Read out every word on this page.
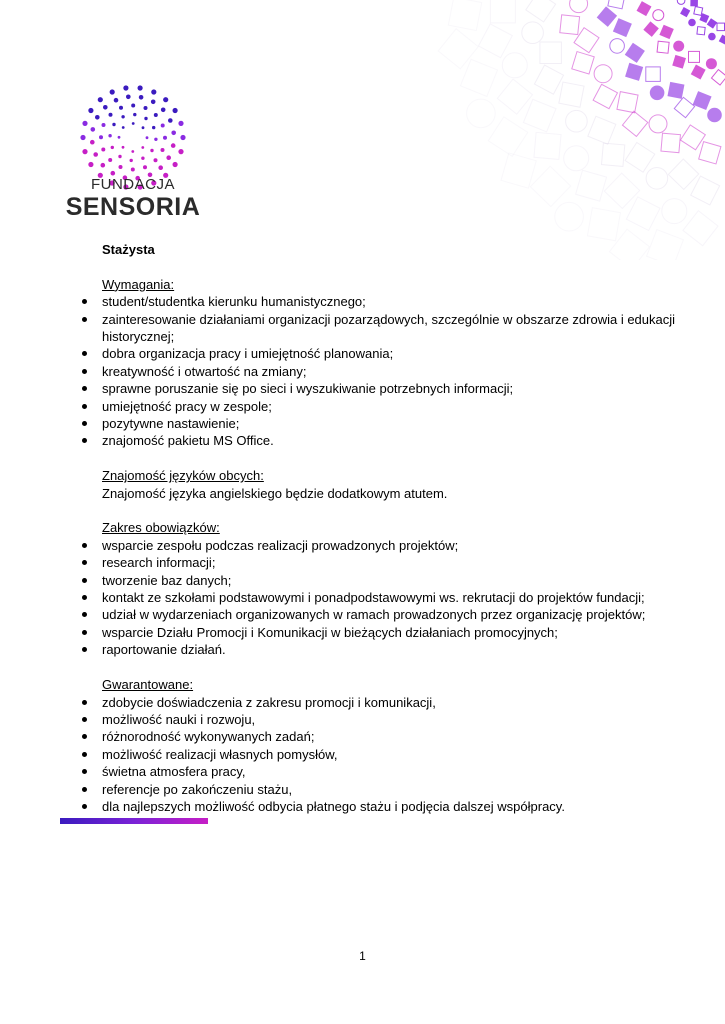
FUNDACJA
SENSORIA
Stażysta
Wymagania:
student/studentka kierunku humanistycznego;
zainteresowanie działaniami organizacji pozarządowych, szczególnie w obszarze zdrowia i edukacji historycznej;
dobra organizacja pracy i umiejętność planowania;
kreatywność i otwartość na zmiany;
sprawne poruszanie się po sieci i wyszukiwanie potrzebnych informacji;
umiejętność pracy w zespole;
pozytywne nastawienie;
znajomość pakietu MS Office.
Znajomość języków obcych:
Znajomość języka angielskiego będzie dodatkowym atutem.
Zakres obowiązków:
wsparcie zespołu podczas realizacji prowadzonych projektów;
research informacji;
tworzenie baz danych;
kontakt ze szkołami podstawowymi i ponadpodstawowymi ws. rekrutacji do projektów fundacji;
udział w wydarzeniach organizowanych w ramach prowadzonych przez organizację projektów;
wsparcie Działu Promocji i Komunikacji w bieżących działaniach promocyjnych;
raportowanie działań.
Gwarantowane:
zdobycie doświadczenia z zakresu promocji i komunikacji,
możliwość nauki i rozwoju,
różnorodność wykonywanych zadań;
możliwość realizacji własnych pomysłów,
świetna atmosfera pracy,
referencje po zakończeniu stażu,
dla najlepszych możliwość odbycia płatnego stażu i podjęcia dalszej współpracy.
1
